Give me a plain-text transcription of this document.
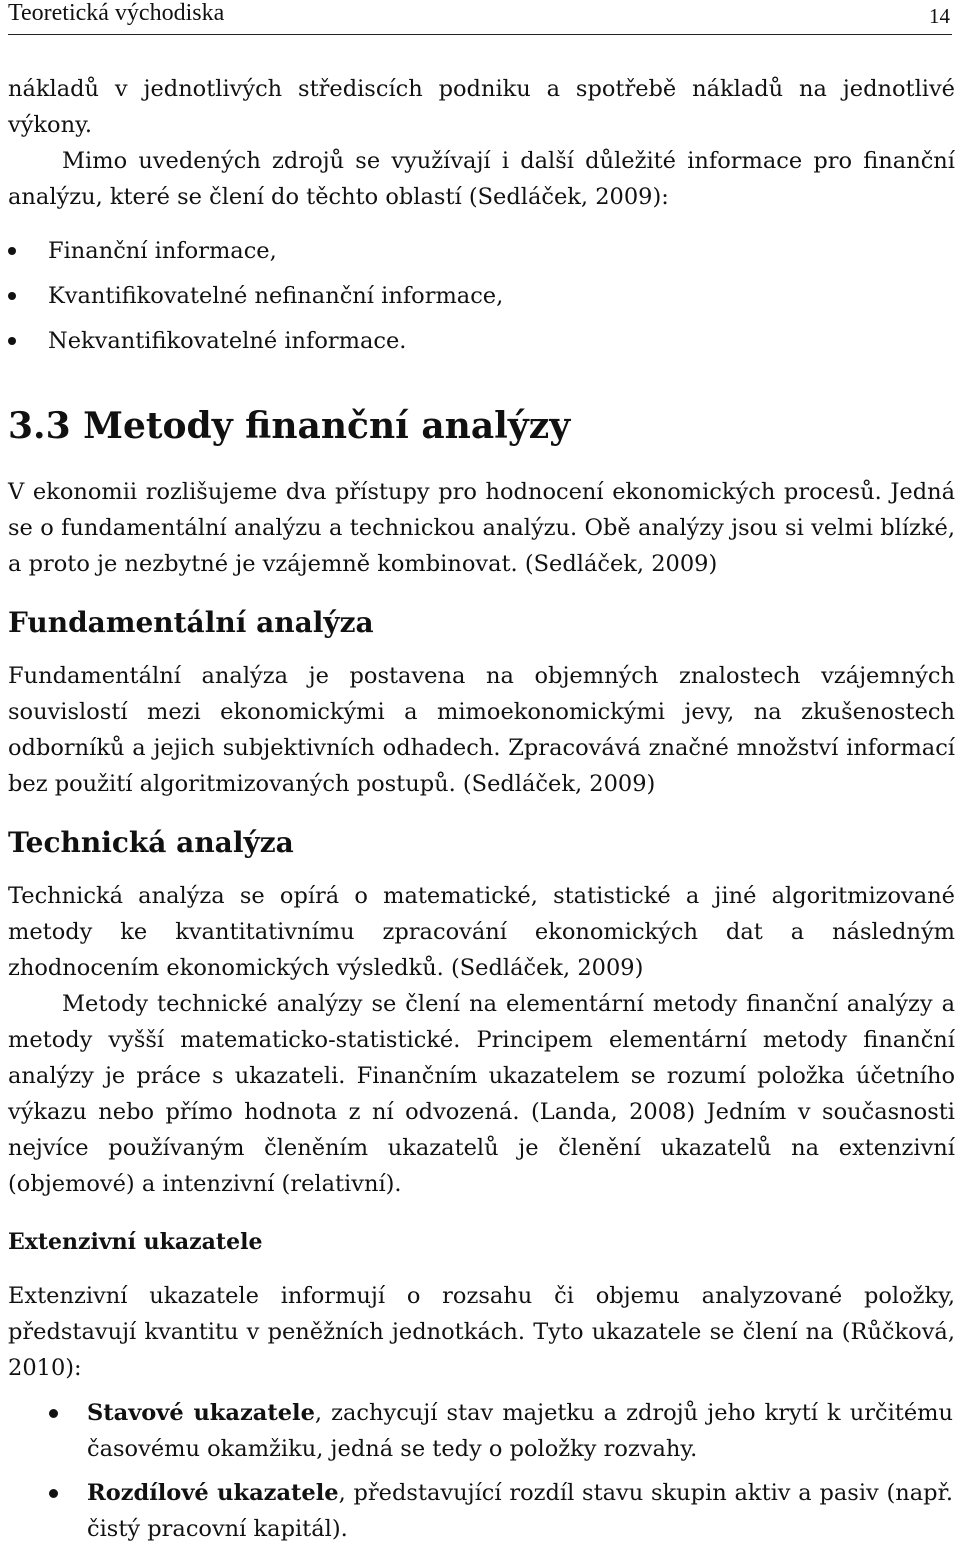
Teoretická východiska	14

nákladů v jednotlivých střediscích podniku a spotřebě nákladů na jednotlivé výkony.

Mimo uvedených zdrojů se využívají i další důležité informace pro finanční analýzu, které se člení do těchto oblastí (Sedláček, 2009):

Finanční informace,
Kvantifikovatelné nefinanční informace,
Nekvantifikovatelné informace.
3.3 Metody finanční analýzy

V ekonomii rozlišujeme dva přístupy pro hodnocení ekonomických procesů. Jedná se o fundamentální analýzu a technickou analýzu. Obě analýzy jsou si velmi blízké, a proto je nezbytné je vzájemně kombinovat. (Sedláček, 2009)

Fundamentální analýza

Fundamentální analýza je postavena na objemných znalostech vzájemných souvislostí mezi ekonomickými a mimoekonomickými jevy, na zkušenostech odborníků a jejich subjektivních odhadech. Zpracovává značné množství informací bez použití algoritmizovaných postupů. (Sedláček, 2009)

Technická analýza

Technická analýza se opírá o matematické, statistické a jiné algoritmizované metody ke kvantitativnímu zpracování ekonomických dat a následným zhodnocením ekonomických výsledků. (Sedláček, 2009)

Metody technické analýzy se člení na elementární metody finanční analýzy a metody vyšší matematicko-statistické. Principem elementární metody finanční analýzy je práce s ukazateli. Finančním ukazatelem se rozumí položka účetního výkazu nebo přímo hodnota z ní odvozená. (Landa, 2008) Jedním v současnosti nejvíce používaným členěním ukazatelů je členění ukazatelů na extenzivní (objemové) a intenzivní (relativní).

Extenzivní ukazatele

Extenzivní ukazatele informují o rozsahu či objemu analyzované položky, představují kvantitu v peněžních jednotkách. Tyto ukazatele se člení na (Růčková, 2010):

Stavové ukazatele, zachycují stav majetku a zdrojů jeho krytí k určitému časovému okamžiku, jedná se tedy o položky rozvahy.
Rozdílové ukazatele, představující rozdíl stavu skupin aktiv a pasiv (např. čistý pracovní kapitál).
